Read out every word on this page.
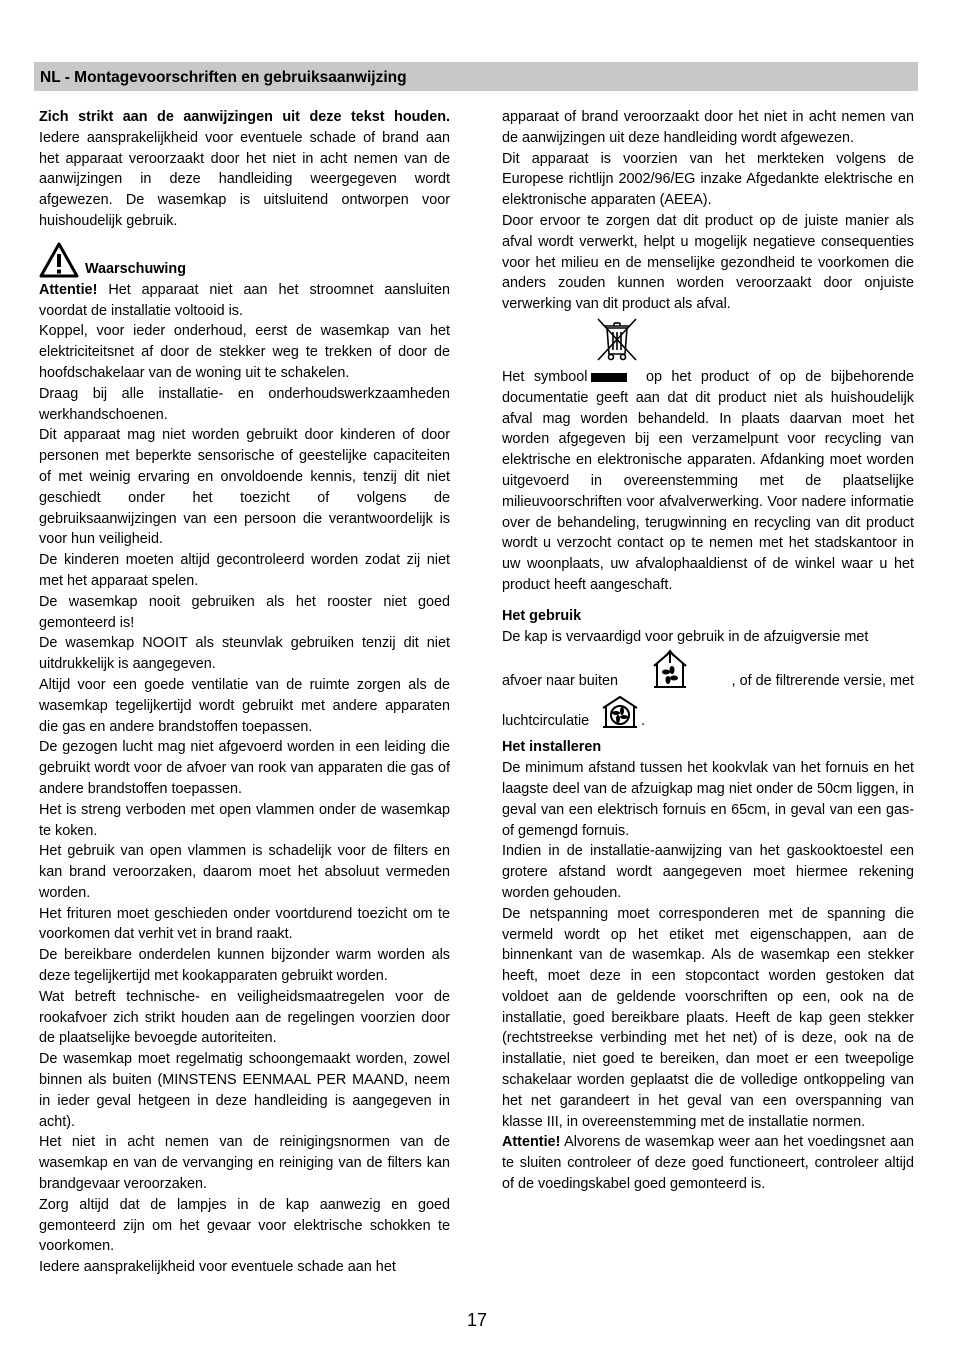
NL - Montagevoorschriften en gebruiksaanwijzing

Zich strikt aan de aanwijzingen uit deze tekst houden. Iedere aansprakelijkheid voor eventuele schade of brand aan het apparaat veroorzaakt door het niet in acht nemen van de aanwijzingen in deze handleiding weergegeven wordt afgewezen. De wasemkap is uitsluitend ontworpen voor huishoudelijk gebruik.

Waarschuwing

Attentie! Het apparaat niet aan het stroomnet aansluiten voordat de installatie voltooid is.

Koppel, voor ieder onderhoud, eerst de wasemkap van het elektriciteitsnet af door de stekker weg te trekken of door de hoofdschakelaar van de woning uit te schakelen.

Draag bij alle installatie- en onderhoudswerkzaamheden werkhandschoenen.

Dit apparaat mag niet worden gebruikt door kinderen of door personen met beperkte sensorische of geestelijke capaciteiten of met weinig ervaring en onvoldoende kennis, tenzij dit niet geschiedt onder het toezicht of volgens de gebruiksaanwijzingen van een persoon die verantwoordelijk is voor hun veiligheid.

De kinderen moeten altijd gecontroleerd worden zodat zij niet met het apparaat spelen.

De wasemkap nooit gebruiken als het rooster niet goed gemonteerd is!

De wasemkap NOOIT als steunvlak gebruiken tenzij dit niet uitdrukkelijk is aangegeven.

Altijd voor een goede ventilatie van de ruimte zorgen als de wasemkap tegelijkertijd wordt gebruikt met andere apparaten die gas en andere brandstoffen toepassen.

De gezogen lucht mag niet afgevoerd worden in een leiding die gebruikt wordt voor de afvoer van rook van apparaten die gas of andere brandstoffen toepassen.

Het is streng verboden met open vlammen onder de wasemkap te koken.

Het gebruik van open vlammen is schadelijk voor de filters en kan brand veroorzaken, daarom moet het absoluut vermeden worden.

Het frituren moet geschieden onder voortdurend toezicht om te voorkomen dat verhit vet in brand raakt.

De bereikbare onderdelen kunnen bijzonder warm worden als deze tegelijkertijd met kookapparaten gebruikt worden.

Wat betreft technische- en veiligheidsmaatregelen voor de rookafvoer zich strikt houden aan de regelingen voorzien door de plaatselijke bevoegde autoriteiten.

De wasemkap moet regelmatig schoongemaakt worden, zowel binnen als buiten (MINSTENS EENMAAL PER MAAND, neem in ieder geval hetgeen in deze handleiding is aangegeven in acht).

Het niet in acht nemen van de reinigingsnormen van de wasemkap en van de vervanging en reiniging van de filters kan brandgevaar veroorzaken.

Zorg altijd dat de lampjes in de kap aanwezig en goed gemonteerd zijn om het gevaar voor elektrische schokken te voorkomen.

Iedere aansprakelijkheid voor eventuele schade aan het

apparaat of brand veroorzaakt door het niet in acht nemen van de aanwijzingen uit deze handleiding wordt afgewezen.

Dit apparaat is voorzien van het merkteken volgens de Europese richtlijn 2002/96/EG inzake Afgedankte elektrische en elektronische apparaten (AEEA).

Door ervoor te zorgen dat dit product op de juiste manier als afval wordt verwerkt, helpt u mogelijk negatieve consequenties voor het milieu en de menselijke gezondheid te voorkomen die anders zouden kunnen worden veroorzaakt door onjuiste verwerking van dit product als afval.

Het symbool	op het product of op de bijbehorende documentatie geeft aan dat dit product niet als huishoudelijk afval mag worden behandeld. In plaats daarvan moet het worden afgegeven bij een verzamelpunt voor recycling van elektrische en elektronische apparaten. Afdanking moet worden uitgevoerd in overeenstemming met de plaatselijke milieuvoorschriften voor afvalverwerking. Voor nadere informatie over de behandeling, terugwinning en recycling van dit product wordt u verzocht contact op te nemen met het stadskantoor in uw woonplaats, uw afvalophaaldienst of de winkel waar u het product heeft aangeschaft.

Het gebruik

De kap is vervaardigd voor gebruik in de afzuigversie met

afvoer naar buiten	, of de filtrerende versie, met
luchtcirculatie	.

Het installeren

De minimum afstand tussen het kookvlak van het fornuis en het laagste deel van de afzuigkap mag niet onder de 50cm liggen, in geval van een elektrisch fornuis en 65cm, in geval van een gas- of gemengd fornuis.

Indien in de installatie-aanwijzing van het gaskooktoestel een grotere afstand wordt aangegeven moet hiermee rekening worden gehouden.

De netspanning moet corresponderen met de spanning die vermeld wordt op het etiket met eigenschappen, aan de binnenkant van de wasemkap. Als de wasemkap een stekker heeft, moet deze in een stopcontact worden gestoken dat voldoet aan de geldende voorschriften op een, ook na de installatie, goed bereikbare plaats. Heeft de kap geen stekker (rechtstreekse verbinding met het net) of is deze, ook na de installatie, niet goed te bereiken, dan moet er een tweepolige schakelaar worden geplaatst die de volledige ontkoppeling van het net garandeert in het geval van een overspanning van klasse III, in overeenstemming met de installatie normen.

Attentie! Alvorens de wasemkap weer aan het voedingsnet aan te sluiten controleer of deze goed functioneert, controleer altijd of de voedingskabel goed gemonteerd is.

17
